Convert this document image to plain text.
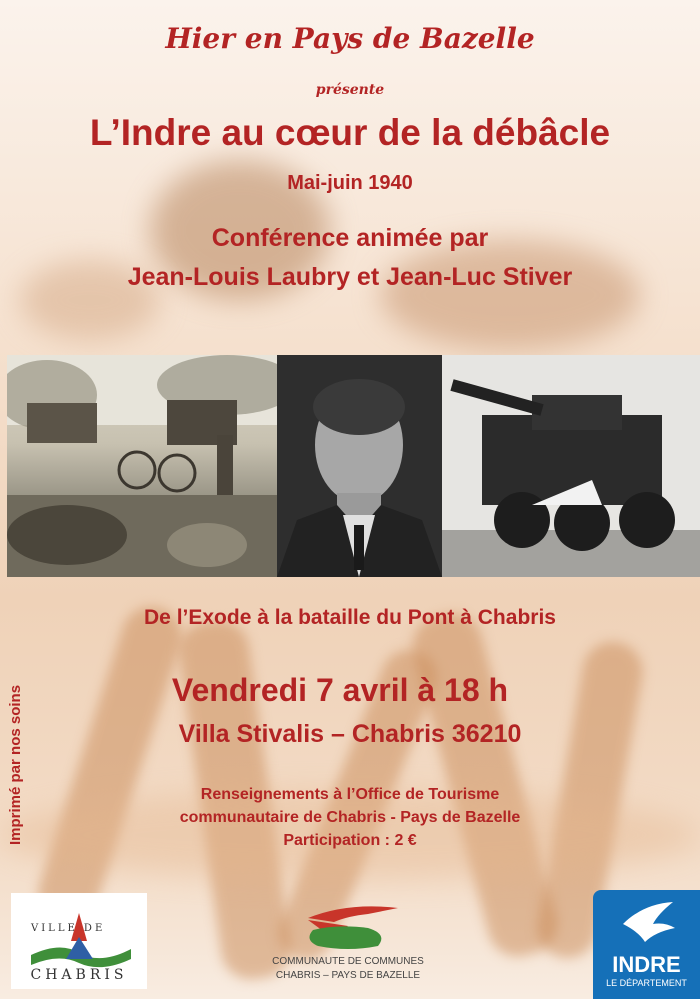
Hier en Pays de Bazelle
présente
L’Indre au cœur de la débâcle
Mai-juin 1940
Conférence animée par
Jean-Louis Laubry et Jean-Luc Stiver
De l’Exode à la bataille du Pont à Chabris
Vendredi 7 avril à 18 h
Villa Stivalis – Chabris 36210
Renseignements à l’Office de Tourisme
communautaire de Chabris - Pays de Bazelle
Participation : 2 €
Imprimé par nos soins
VILLE DE
CHABRIS
COMMUNAUTE DE COMMUNES
CHABRIS – PAYS DE BAZELLE	INDRE
LE DÉPARTEMENT
